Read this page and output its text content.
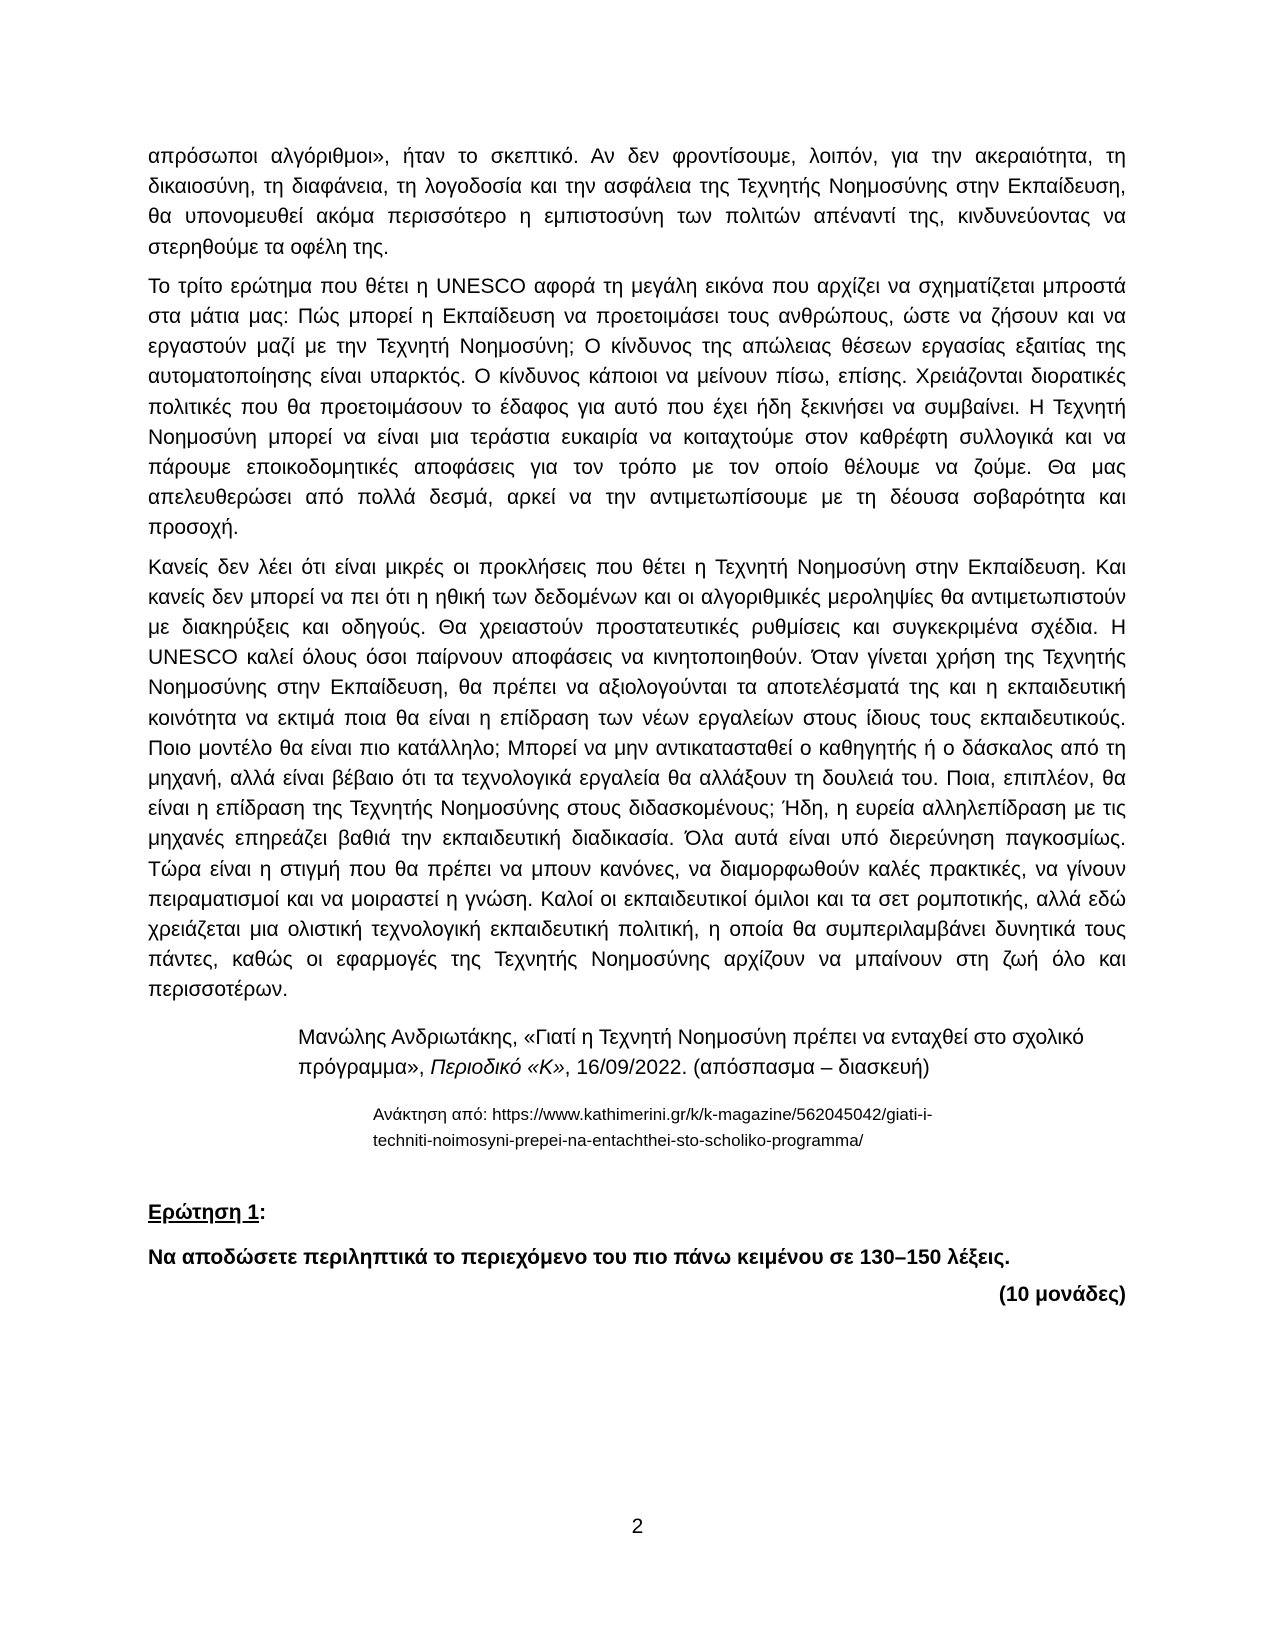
απρόσωποι αλγόριθμοι», ήταν το σκεπτικό. Αν δεν φροντίσουμε, λοιπόν, για την ακεραιότητα, τη δικαιοσύνη, τη διαφάνεια, τη λογοδοσία και την ασφάλεια της Τεχνητής Νοημοσύνης στην Εκπαίδευση, θα υπονομευθεί ακόμα περισσότερο η εμπιστοσύνη των πολιτών απέναντί της, κινδυνεύοντας να στερηθούμε τα οφέλη της.

Το τρίτο ερώτημα που θέτει η UNESCO αφορά τη μεγάλη εικόνα που αρχίζει να σχηματίζεται μπροστά στα μάτια μας: Πώς μπορεί η Εκπαίδευση να προετοιμάσει τους ανθρώπους, ώστε να ζήσουν και να εργαστούν μαζί με την Τεχνητή Νοημοσύνη; Ο κίνδυνος της απώλειας θέσεων εργασίας εξαιτίας της αυτοματοποίησης είναι υπαρκτός. Ο κίνδυνος κάποιοι να μείνουν πίσω, επίσης. Χρειάζονται διορατικές πολιτικές που θα προετοιμάσουν το έδαφος για αυτό που έχει ήδη ξεκινήσει να συμβαίνει. Η Τεχνητή Νοημοσύνη μπορεί να είναι μια τεράστια ευκαιρία να κοιταχτούμε στον καθρέφτη συλλογικά και να πάρουμε εποικοδομητικές αποφάσεις για τον τρόπο με τον οποίο θέλουμε να ζούμε. Θα μας απελευθερώσει από πολλά δεσμά, αρκεί να την αντιμετωπίσουμε με τη δέουσα σοβαρότητα και προσοχή.

Κανείς δεν λέει ότι είναι μικρές οι προκλήσεις που θέτει η Τεχνητή Νοημοσύνη στην Εκπαίδευση. Και κανείς δεν μπορεί να πει ότι η ηθική των δεδομένων και οι αλγοριθμικές μεροληψίες θα αντιμετωπιστούν με διακηρύξεις και οδηγούς. Θα χρειαστούν προστατευτικές ρυθμίσεις και συγκεκριμένα σχέδια. Η UNESCO καλεί όλους όσοι παίρνουν αποφάσεις να κινητοποιηθούν. Όταν γίνεται χρήση της Τεχνητής Νοημοσύνης στην Εκπαίδευση, θα πρέπει να αξιολογούνται τα αποτελέσματά της και η εκπαιδευτική κοινότητα να εκτιμά ποια θα είναι η επίδραση των νέων εργαλείων στους ίδιους τους εκπαιδευτικούς. Ποιο μοντέλο θα είναι πιο κατάλληλο; Μπορεί να μην αντικατασταθεί ο καθηγητής ή ο δάσκαλος από τη μηχανή, αλλά είναι βέβαιο ότι τα τεχνολογικά εργαλεία θα αλλάξουν τη δουλειά του. Ποια, επιπλέον, θα είναι η επίδραση της Τεχνητής Νοημοσύνης στους διδασκομένους; Ήδη, η ευρεία αλληλεπίδραση με τις μηχανές επηρεάζει βαθιά την εκπαιδευτική διαδικασία. Όλα αυτά είναι υπό διερεύνηση παγκοσμίως. Τώρα είναι η στιγμή που θα πρέπει να μπουν κανόνες, να διαμορφωθούν καλές πρακτικές, να γίνουν πειραματισμοί και να μοιραστεί η γνώση. Καλοί οι εκπαιδευτικοί όμιλοι και τα σετ ρομποτικής, αλλά εδώ χρειάζεται μια ολιστική τεχνολογική εκπαιδευτική πολιτική, η οποία θα συμπεριλαμβάνει δυνητικά τους πάντες, καθώς οι εφαρμογές της Τεχνητής Νοημοσύνης αρχίζουν να μπαίνουν στη ζωή όλο και περισσοτέρων.

Μανώλης Ανδριωτάκης, «Γιατί η Τεχνητή Νοημοσύνη πρέπει να ενταχθεί στο σχολικό πρόγραμμα», Περιοδικό «Κ», 16/09/2022. (απόσπασμα – διασκευή)
Ανάκτηση από: https://www.kathimerini.gr/k/k-magazine/562045042/giati-i-
techniti-noimosyni-prepei-na-entachthei-sto-scholiko-programma/
Ερώτηση 1:

Να αποδώσετε περιληπτικά το περιεχόμενο του πιο πάνω κειμένου σε 130–150 λέξεις.

(10 μονάδες)
2
